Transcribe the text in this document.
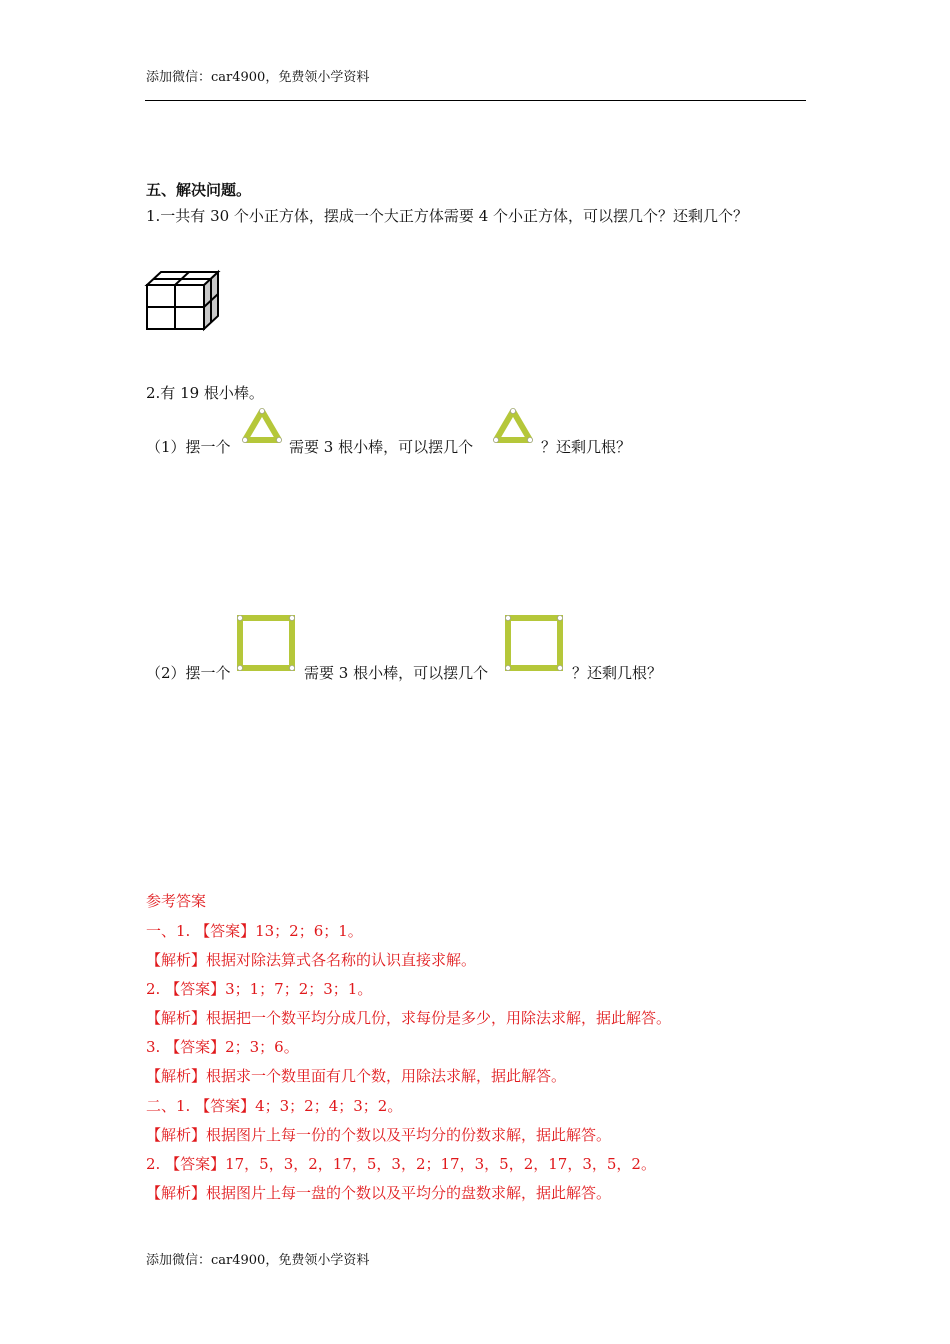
添加微信：car4900，免费领小学资料
五、解决问题。
1.一共有 30 个小正方体，摆成一个大正方体需要 4 个小正方体，可以摆几个？还剩几个？
2.有 19 根小棒。
（1）摆一个	需要 3 根小棒，可以摆几个	？还剩几根？
（2）摆一个	需要 3 根小棒，可以摆几个	？还剩几根？
参考答案
一、1. 【答案】13；2；6；1。
【解析】根据对除法算式各名称的认识直接求解。
2. 【答案】3；1；7；2；3；1。
【解析】根据把一个数平均分成几份，求每份是多少，用除法求解，据此解答。
3. 【答案】2；3；6。
【解析】根据求一个数里面有几个数，用除法求解，据此解答。
二、1. 【答案】4；3；2；4；3；2。
【解析】根据图片上每一份的个数以及平均分的份数求解，据此解答。
2. 【答案】17，5，3，2，17，5，3，2；17，3，5，2，17，3，5，2。
【解析】根据图片上每一盘的个数以及平均分的盘数求解，据此解答。
添加微信：car4900，免费领小学资料
